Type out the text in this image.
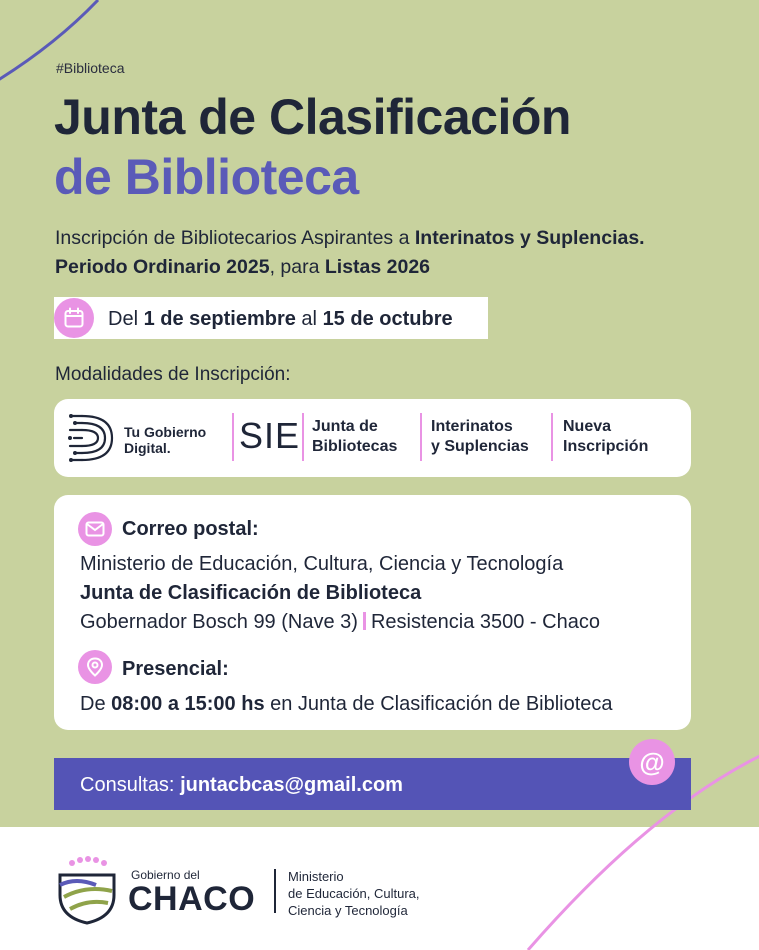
#Biblioteca
Junta de Clasificación
de Biblioteca
Inscripción de Bibliotecarios Aspirantes a Interinatos y Suplencias. Periodo Ordinario 2025, para Listas 2026
Del 1 de septiembre al 15 de octubre
Modalidades de Inscripción:
Tu Gobierno
Digital.	SIE Junta de
Bibliotecas
Interinatos
y Suplencias
Nueva
Inscripción
Correo postal:
Ministerio de Educación, Cultura, Ciencia y Tecnología
Junta de Clasificación de Biblioteca
Gobernador Bosch 99 (Nave 3) Resistencia 3500 - Chaco
Presencial:
De 08:00 a 15:00 hs en Junta de Clasificación de Biblioteca
Consultas: juntacbcas@gmail.com
@
Gobierno del
CHACO
Ministerio
de Educación, Cultura,
Ciencia y Tecnología
